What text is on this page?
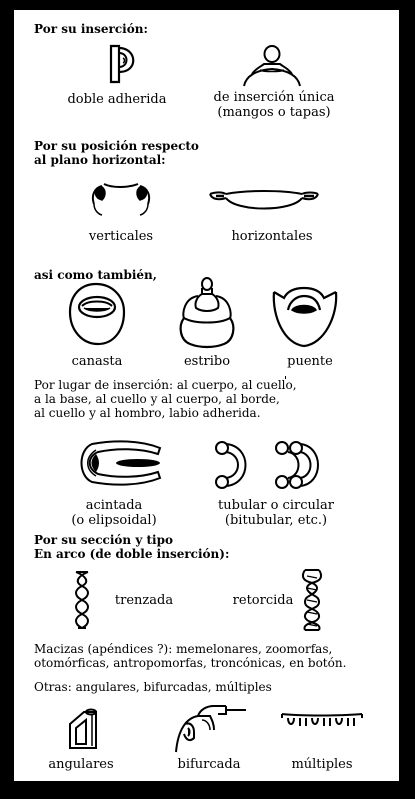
Por su inserción:
doble adherida	de inserción única
(mangos o tapas)
Por su posición respecto
al plano horizontal:
verticales	horizontales
asi como también,
canasta	estribo	puente
Por lugar de inserción: al cuerpo, al cuello,
a la base, al cuello y al cuerpo, al borde,
al cuello y al hombro, labio adherida.
acintada
(o elipsoidal)
tubular o circular
(bitubular, etc.)
Por su sección y tipo
En arco (de doble inserción):
trenzada	retorcida
Macizas (apéndices ?): memelonares, zoomorfas,
otomórficas, antropomorfas, troncónicas, en botón.
Otras: angulares, bifurcadas, múltiples
angulares	bifurcada	múltiples
